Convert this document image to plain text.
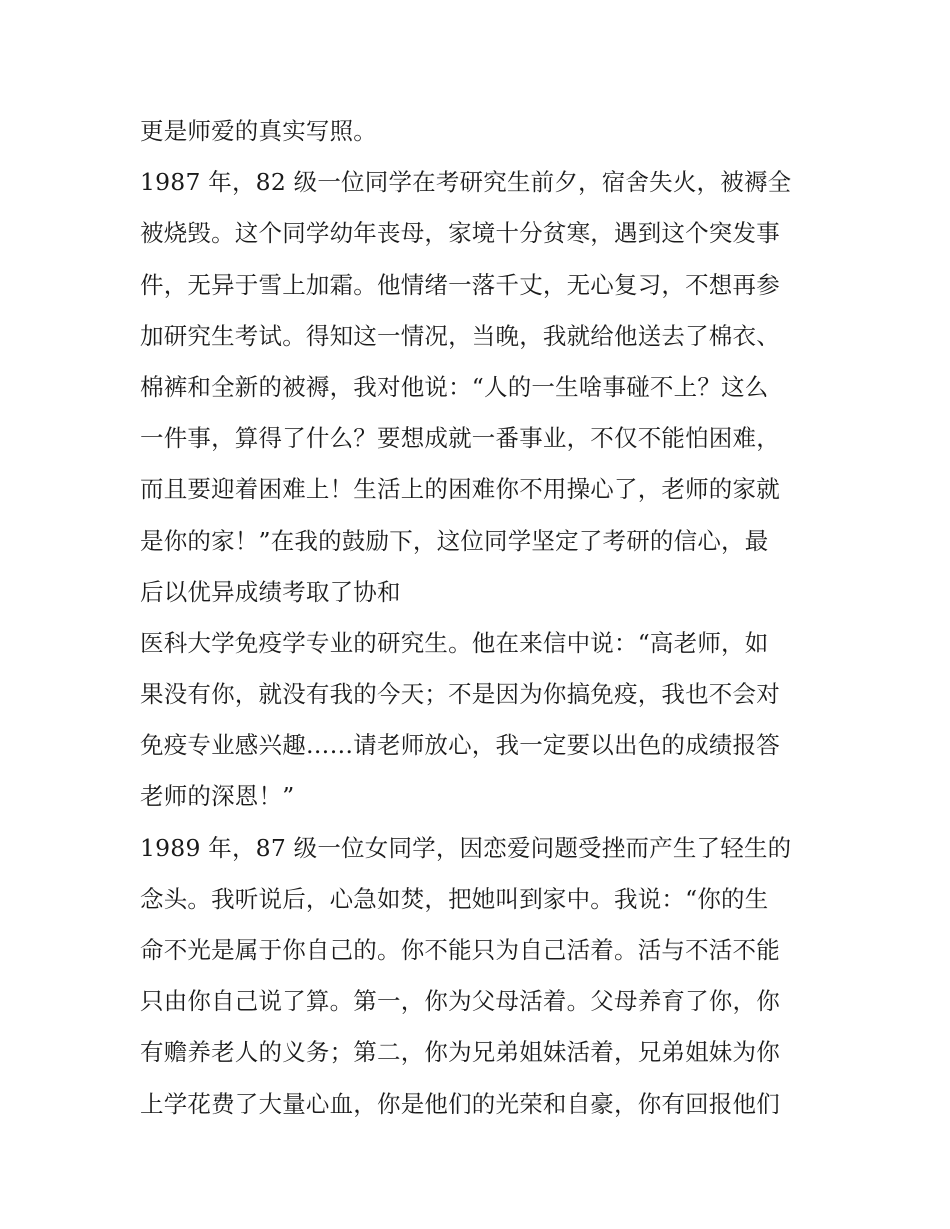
更是师爱的真实写照。
1987 年，82 级一位同学在考研究生前夕，宿舍失火，被褥全
被烧毁。这个同学幼年丧母，家境十分贫寒，遇到这个突发事
件，无异于雪上加霜。他情绪一落千丈，无心复习，不想再参
加研究生考试。得知这一情况，当晚，我就给他送去了棉衣、
棉裤和全新的被褥，我对他说：“人的一生啥事碰不上？这么
一件事，算得了什么？要想成就一番事业，不仅不能怕困难，
而且要迎着困难上！生活上的困难你不用操心了，老师的家就
是你的家！”在我的鼓励下，这位同学坚定了考研的信心，最
后以优异成绩考取了协和
医科大学免疫学专业的研究生。他在来信中说：“高老师，如
果没有你，就没有我的今天；不是因为你搞免疫，我也不会对
免疫专业感兴趣……请老师放心，我一定要以出色的成绩报答
老师的深恩！”
1989 年，87 级一位女同学，因恋爱问题受挫而产生了轻生的
念头。我听说后，心急如焚，把她叫到家中。我说：“你的生
命不光是属于你自己的。你不能只为自己活着。活与不活不能
只由你自己说了算。第一，你为父母活着。父母养育了你，你
有赡养老人的义务；第二，你为兄弟姐妹活着，兄弟姐妹为你
上学花费了大量心血，你是他们的光荣和自豪，你有回报他们
